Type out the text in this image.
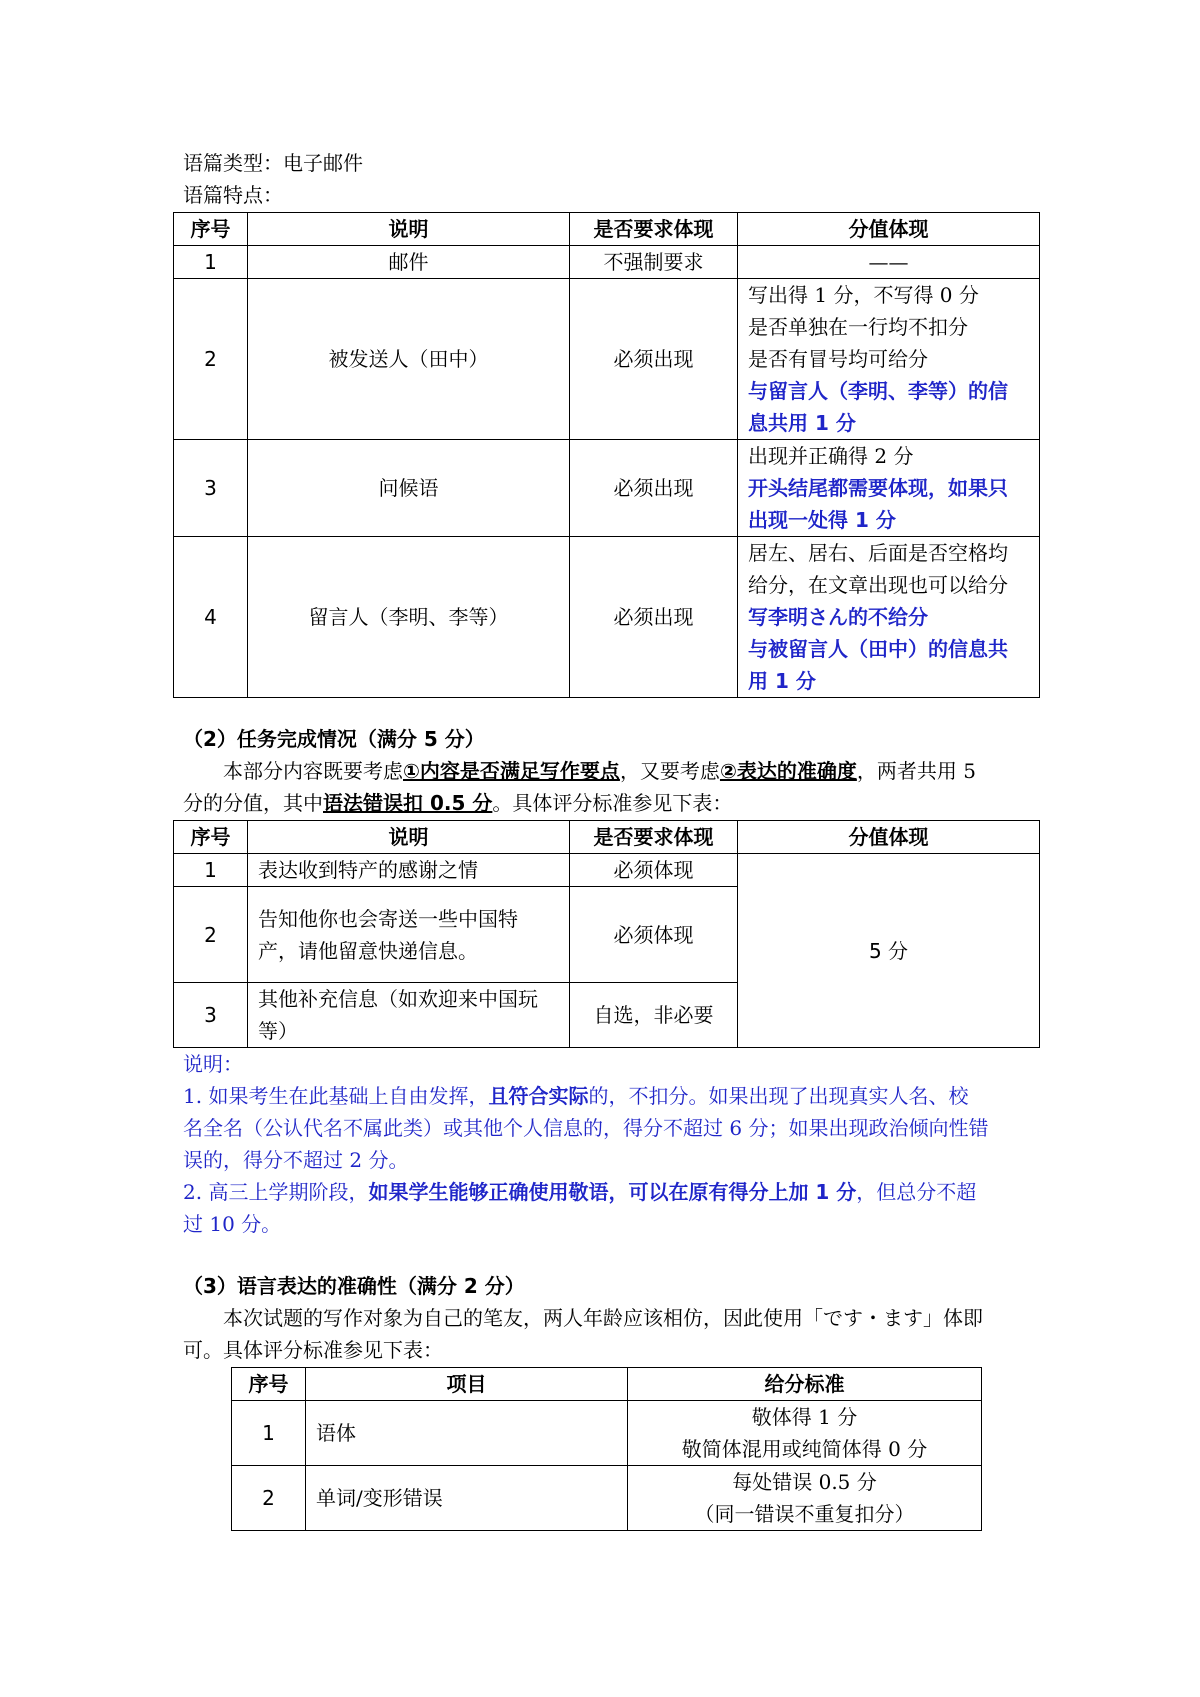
语篇类型：电子邮件
语篇特点：
序号	说明	是否要求体现	分值体现
1	邮件	不强制要求	——
2	被发送人（田中）	必须出现	写出得 1 分，不写得 0 分
是否单独在一行均不扣分
是否有冒号均可给分
与留言人（李明、李等）的信
息共用 1 分

3	问候语	必须出现	出现并正确得 2 分
开头结尾都需要体现，如果只
出现一处得 1 分

4	留言人（李明、李等）	必须出现	居左、居右、后面是否空格均
给分，在文章出现也可以给分
写李明さん的不给分
与被留言人（田中）的信息共
用 1 分
（2）任务完成情况（满分 5 分）
本部分内容既要考虑①内容是否满足写作要点，又要考虑②表达的准确度，两者共用 5
分的分值，其中语法错误扣 0.5 分。具体评分标准参见下表：
序号	说明	是否要求体现	分值体现
1	表达收到特产的感谢之情	必须体现	5 分
2	告知他你也会寄送一些中国特
产，请他留意快递信息。	必须体现	
3	其他补充信息（如欢迎来中国玩
等）	自选，非必要	
说明：
1. 如果考生在此基础上自由发挥，且符合实际的，不扣分。如果出现了出现真实人名、校
名全名（公认代名不属此类）或其他个人信息的，得分不超过 6 分；如果出现政治倾向性错
误的，得分不超过 2 分。
2. 高三上学期阶段，如果学生能够正确使用敬语，可以在原有得分上加 1 分，但总分不超
过 10 分。
（3）语言表达的准确性（满分 2 分）
本次试题的写作对象为自己的笔友，两人年龄应该相仿，因此使用「です・ます」体即
可。具体评分标准参见下表：
序号	项目	给分标准
1	语体	敬体得 1 分
敬简体混用或纯简体得 0 分

2	单词/变形错误	每处错误 0.5 分
（同一错误不重复扣分）
